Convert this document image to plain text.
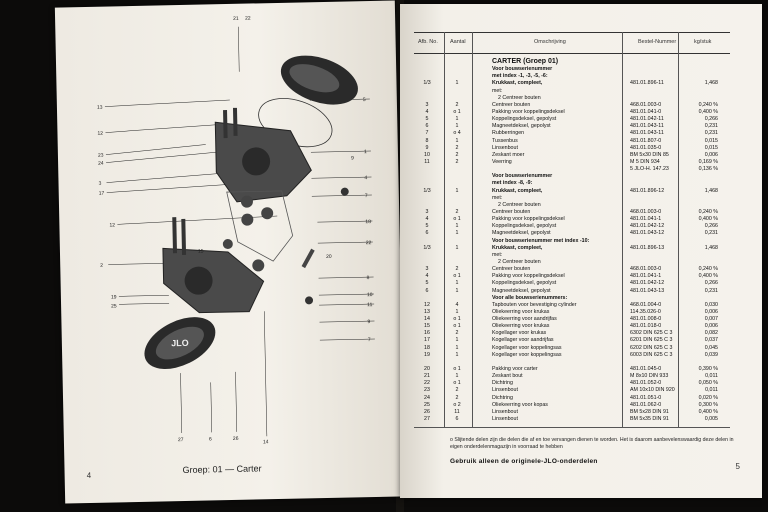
JLO
21 22
13
12
23
24
3
17
12
2
19
25
5
1
4
7
18
22
8
10
11
9
7
27	6	26
14
9
20
15
4
Groep: 01 — Carter
Afb. No. Aantal	Omschrijving	Bestel-Nummer	kg/stuk
CARTER (Groep 01)
Voor bouwserienummer
met index -1, -3, -5, -6:
1/3	1	Krukkast, compleet,	481.01.896-11	1,468
met:
2 Centreer bouten
3	2	Centreer bouten	468.01.003-0	0,240 %
4	o 1	Pakking voor koppelingsdeksel	481.01.041-0	0,400 %
5	1	Koppelingsdeksel, gepolyst	481.01.042-11	0,266
6	1	Magneetdeksel, gepolyst	481.01.043-11	0,231
7	o 4	Rubberringen	481.01.043-11	0,231
8	1	Tussenbus	481.01.807-0	0,015
9	2	Linsenbout	481.01.035-0	0,015
10	2	Zeskant moer	BM 5x30 DIN 85	0,006
11	2	Veerring	M 5 DIN 934	0,169 %
5 JLO-H. 147.23	0,136 %
Voor bouwserienummer
met index -8, -9:
1/3	1	Krukkast, compleet,	481.01.896-12	1,468
met:
2 Centreer bouten
3	2	Centreer bouten	468.01.003-0	0,240 %
4	o 1	Pakking voor koppelingsdeksel	481.01.041-1	0,400 %
5	1	Koppelingsdeksel, gepolyst	481.01.042-12	0,266
6	1	Magneetdeksel, gepolyst	481.01.043-12	0,231
Voor bouwserienummer met index -10:
1/3	1	Krukkast, compleet,	481.01.896-13	1,468
met:
2 Centreer bouten
3	2	Centreer bouten	468.01.003-0	0,240 %
4	o 1	Pakking voor koppelingsdeksel	481.01.041-1	0,400 %
5	1	Koppelingsdeksel, gepolyst	481.01.042-12	0,266
6	1	Magneetdeksel, gepolyst	481.01.043-13	0,231
Voor alle bouwserienummers:
12	4	Tapbouten voor bevestiging cylinder	468.01.004-0	0,030
13	1	Oliekeerring voor krukas	114.35.026-0	0,006
14	o 1	Oliekeerring voor aandrijfas	481.01.008-0	0,007
15	o 1	Oliekeerring voor krukas	481.01.018-0	0,006
16	2	Kogellager voor krukas	6302 DIN 625 C 3	0,082
17	1	Kogellager voor aandrijfas	6201 DIN 625 C 3	0,037
18	1	Kogellager voor koppelingsas	6202 DIN 625 C 3	0,045
19	1	Kogellager voor koppelingsas	6003 DIN 625 C 3	0,039
20	o 1	Pakking voor carter	481.01.045-0	0,390 %
21	1	Zeskant bout	M 8x10 DIN 933	0,011
22	o 1	Dichtring	481.01.052-0	0,050 %
23	2	Linsenbout	AM 10x10 DIN 920	0,011
24	2	Dichtring	481.01.051-0	0,020 %
25	o 2	Oliekeerring voor kopas	481.01.062-0	0,300 %
26	11	Linsenbout	BM 5x28 DIN 91	0,400 %
27	6	Linsenbout	BM 5x35 DIN 91	0,005
o Slijtende delen zijn die delen die af en toe vervangen dienen te worden. Het is daarom aanbevelenswaardig deze delen in eigen onderdelenmagazijn in voorraad te hebben
Gebruik alleen de originele-JLO-onderdelen
5
